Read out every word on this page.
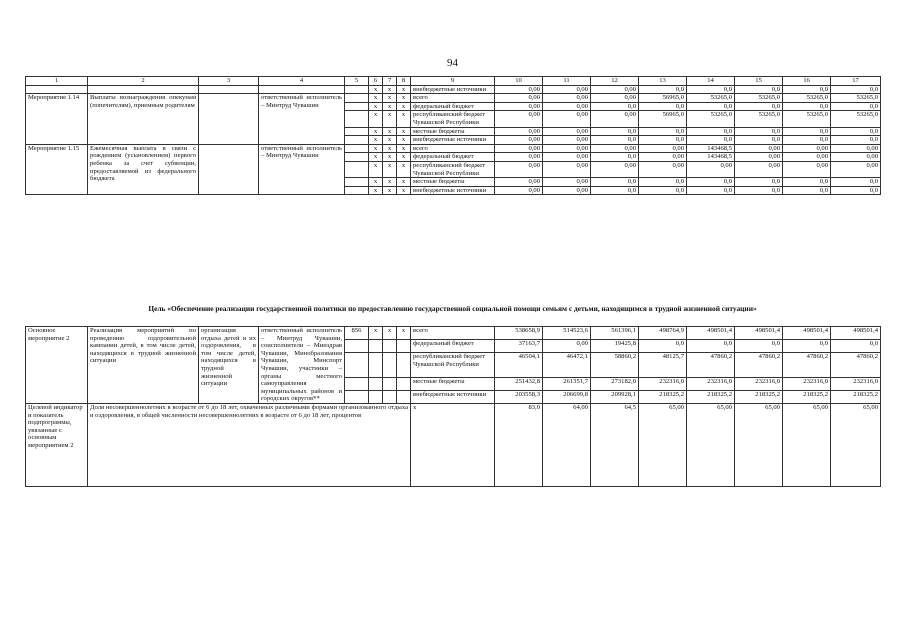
94
1	2	3	4	5	6	7	8	9	10	11	12	13	14	15	16	17
					x	x	x	внебюджетные источники	0,00	0,00	0,00	0,0	0,0	0,0	0,0	0,0
Мероприятие 1.14	Выплаты вознаграждения опекунам (попечителям), приемным родителям		ответственный исполнитель – Минтруд Чувашии		x	x	x	всего	0,00	0,00	0,00	56965,0	53265,0	53265,0	53265,0	53265,0
					x	x	x	федеральный бюджет	0,00	0,00	0,0	0,0	0,0	0,0	0,0	0,0
					x	x	x	республиканский бюджет Чувашской Республики	0,00	0,00	0,00	56965,0	53265,0	53265,0	53265,0	53265,0
					x	x	x	местные бюджеты	0,00	0,00	0,0	0,0	0,0	0,0	0,0	0,0
					x	x	x	внебюджетные источники	0,00	0,00	0,0	0,0	0,0	0,0	0,0	0,0
Мероприятие 1.15	Ежемесячная выплата в связи с рождением (усыновлением) первого ребенка за счет субвенции, предоставляемой из федерального бюджета		ответственный исполнитель – Минтруд Чувашии		x	x	x	всего	0,00	0,00	0,00	0,00	143468,5	0,00	0,00	0,00
					x	x	x	федеральный бюджет	0,00	0,00	0,0	0,00	143468,5	0,00	0,00	0,00
					x	x	x	республиканский бюджет Чувашской Республики	0,00	0,00	0,00	0,00	0,00	0,00	0,00	0,00
					x	x	x	местные бюджеты	0,00	0,00	0,0	0,0	0,0	0,0	0,0	0,0
					x	x	x	внебюджетные источники	0,00	0,00	0,0	0,0	0,0	0,0	0,0	0,0
Цель «Обеспечение реализации государственной политики по предоставлению государственной социальной помощи семьям с детьми, находящимся в трудной жизненной ситуации»
Основное мероприятие 2	Реализация мероприятий по проведению оздоровительной кампании детей, в том числе детей, находящихся в трудной жизненной ситуации	организация отдыха детей и их оздоровления, в том числе детей, находящихся в трудной жизненной ситуации	ответственный исполнитель – Минтруд Чувашии, соисполнители – Минздрав Чувашии, Минобразования Чувашии, Минспорт Чувашии, участники – органы местного самоуправления муниципальных районов и городских округов**	856	x	x	x	всего	538658,9	514523,6	561396,1	498764,9	498501,4	498501,4	498501,4	498501,4
								федеральный бюджет	37163,7	0,00	19425,8	0,0	0,0	0,0	0,0	0,0
								республиканский бюджет Чувашской Республики	46504,1	46472,1	58860,2	48125,7	47860,2	47860,2	47860,2	47860,2
								местные бюджеты	251432,8	261351,7	273182,0	232316,0	232316,0	232316,0	232316,0	232316,0
								внебюджетные источники	203558,3	206699,8	209928,1	218325,2	218325,2	218325,2	218325,2	218325,2
Целевой индикатор и показатель подпрограммы, увязанные с основным мероприятием 2	Доля несовершеннолетних в возрасте от 6 до 18 лет, охваченных различными формами организованного отдыха и оздоровления, в общей численности несовершеннолетних в возрасте от 6 до 18 лет, процентов							x	83,0	64,00	64,5	65,00	65,00	65,00	65,00	65,00
